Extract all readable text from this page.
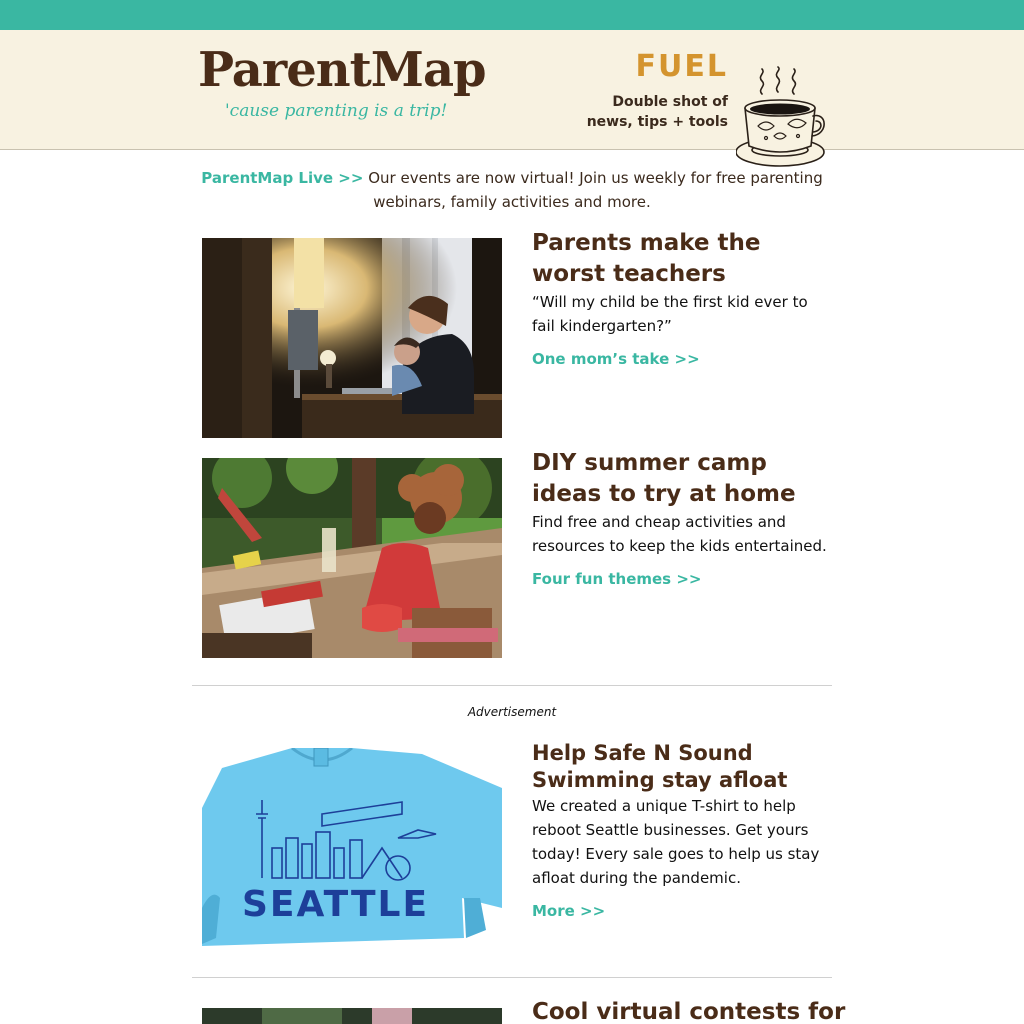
ParentMap
'cause parenting is a trip!
FUEL
Double shot of
news, tips + tools
ParentMap Live >> Our events are now virtual! Join us weekly for free parenting webinars, family activities and more.
Parents make the worst teachers
“Will my child be the first kid ever to fail kindergarten?”
One mom’s take >>
DIY summer camp ideas to try at home
Find free and cheap activities and resources to keep the kids entertained.
Four fun themes >>
Advertisement
SEATTLE
Help Safe N Sound Swimming stay afloat
We created a unique T-shirt to help reboot Seattle businesses. Get yours today! Every sale goes to help us stay afloat during the pandemic.
More >>
Cool virtual contests for
